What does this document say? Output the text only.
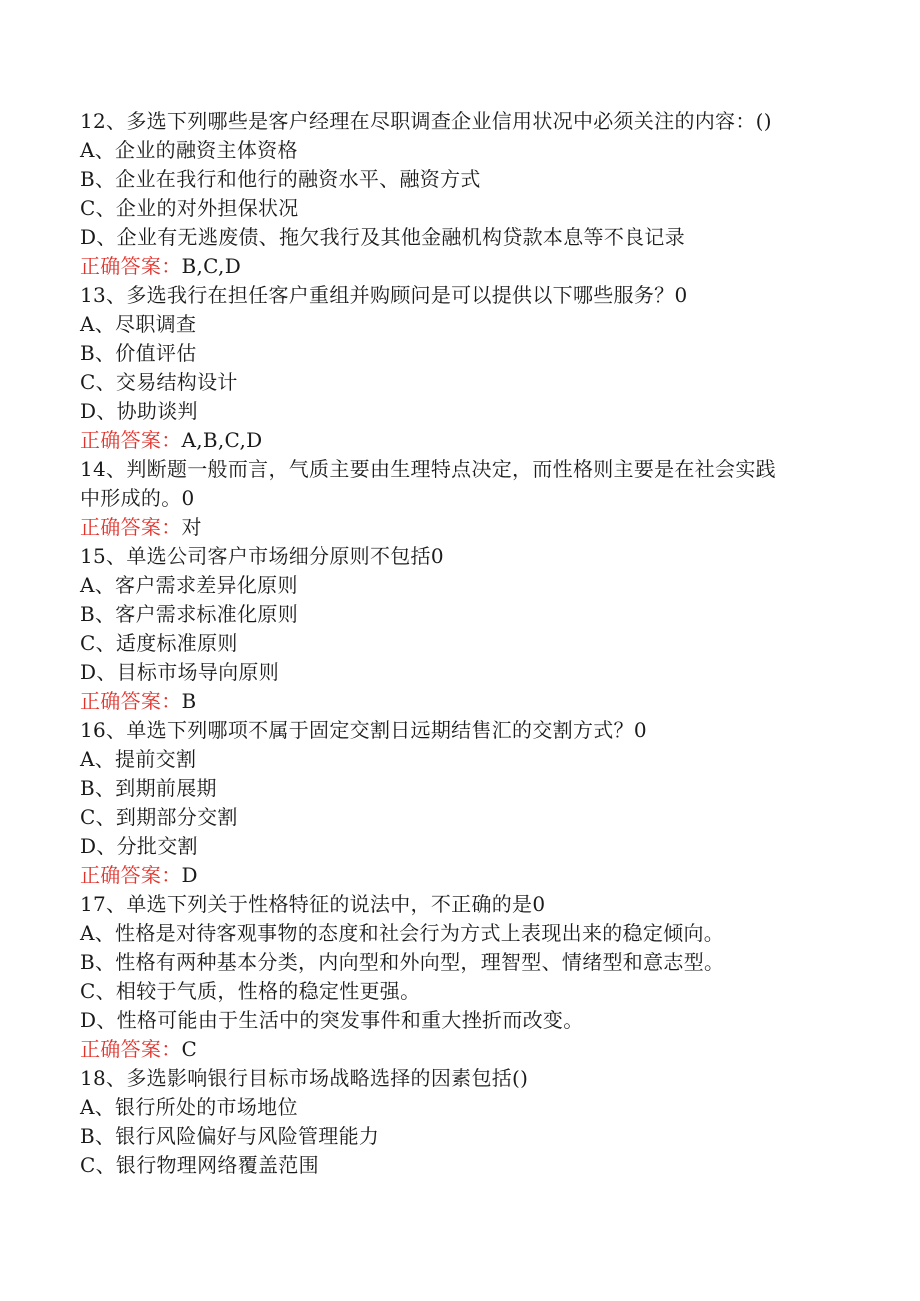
12、多选下列哪些是客户经理在尽职调查企业信用状况中必须关注的内容：()
A、企业的融资主体资格
B、企业在我行和他行的融资水平、融资方式
C、企业的对外担保状况
D、企业有无逃废债、拖欠我行及其他金融机构贷款本息等不良记录
正确答案：B,C,D
13、多选我行在担任客户重组并购顾问是可以提供以下哪些服务？0
A、尽职调查
B、价值评估
C、交易结构设计
D、协助谈判
正确答案：A,B,C,D
14、判断题一般而言，气质主要由生理特点决定，而性格则主要是在社会实践
中形成的。0
正确答案：对
15、单选公司客户市场细分原则不包括0
A、客户需求差异化原则
B、客户需求标准化原则
C、适度标准原则
D、目标市场导向原则
正确答案：B
16、单选下列哪项不属于固定交割日远期结售汇的交割方式？0
A、提前交割
B、到期前展期
C、到期部分交割
D、分批交割
正确答案：D
17、单选下列关于性格特征的说法中，不正确的是0
A、性格是对待客观事物的态度和社会行为方式上表现出来的稳定倾向。
B、性格有两种基本分类，内向型和外向型，理智型、情绪型和意志型。
C、相较于气质，性格的稳定性更强。
D、性格可能由于生活中的突发事件和重大挫折而改变。
正确答案：C
18、多选影响银行目标市场战略选择的因素包括()
A、银行所处的市场地位
B、银行风险偏好与风险管理能力
C、银行物理网络覆盖范围
